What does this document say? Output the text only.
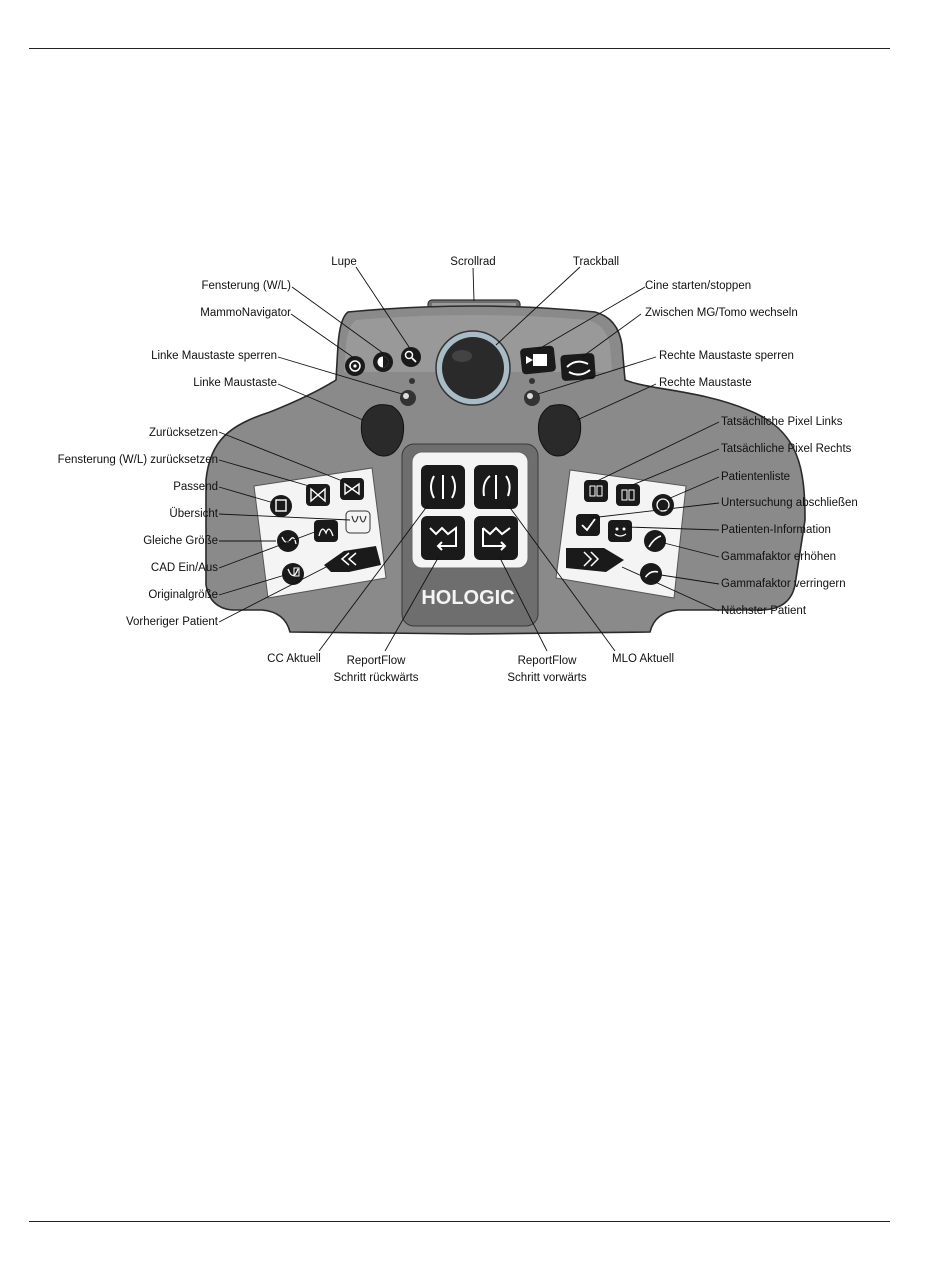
HOLOGIC
Lupe	Scrollrad	Trackball
Fensterung (W/L)
MammoNavigator
Cine starten/stoppen
Zwischen MG/Tomo wechseln
Linke Maustaste sperren
Linke Maustaste
Rechte Maustaste sperren
Rechte Maustaste
Zurücksetzen
Fensterung (W/L) zurücksetzen
Passend
Übersicht
Gleiche Größe
CAD Ein/Aus
Originalgröße
Vorheriger Patient
CC Aktuell ReportFlow
Schritt rückwärts
ReportFlow
Schritt vorwärts
MLO Aktuell
Tatsächliche Pixel Links
Tatsächliche Pixel Rechts
Patientenliste
Untersuchung abschließen
Patienten-Information
Gammafaktor erhöhen
Gammafaktor verringern
Nächster Patient
